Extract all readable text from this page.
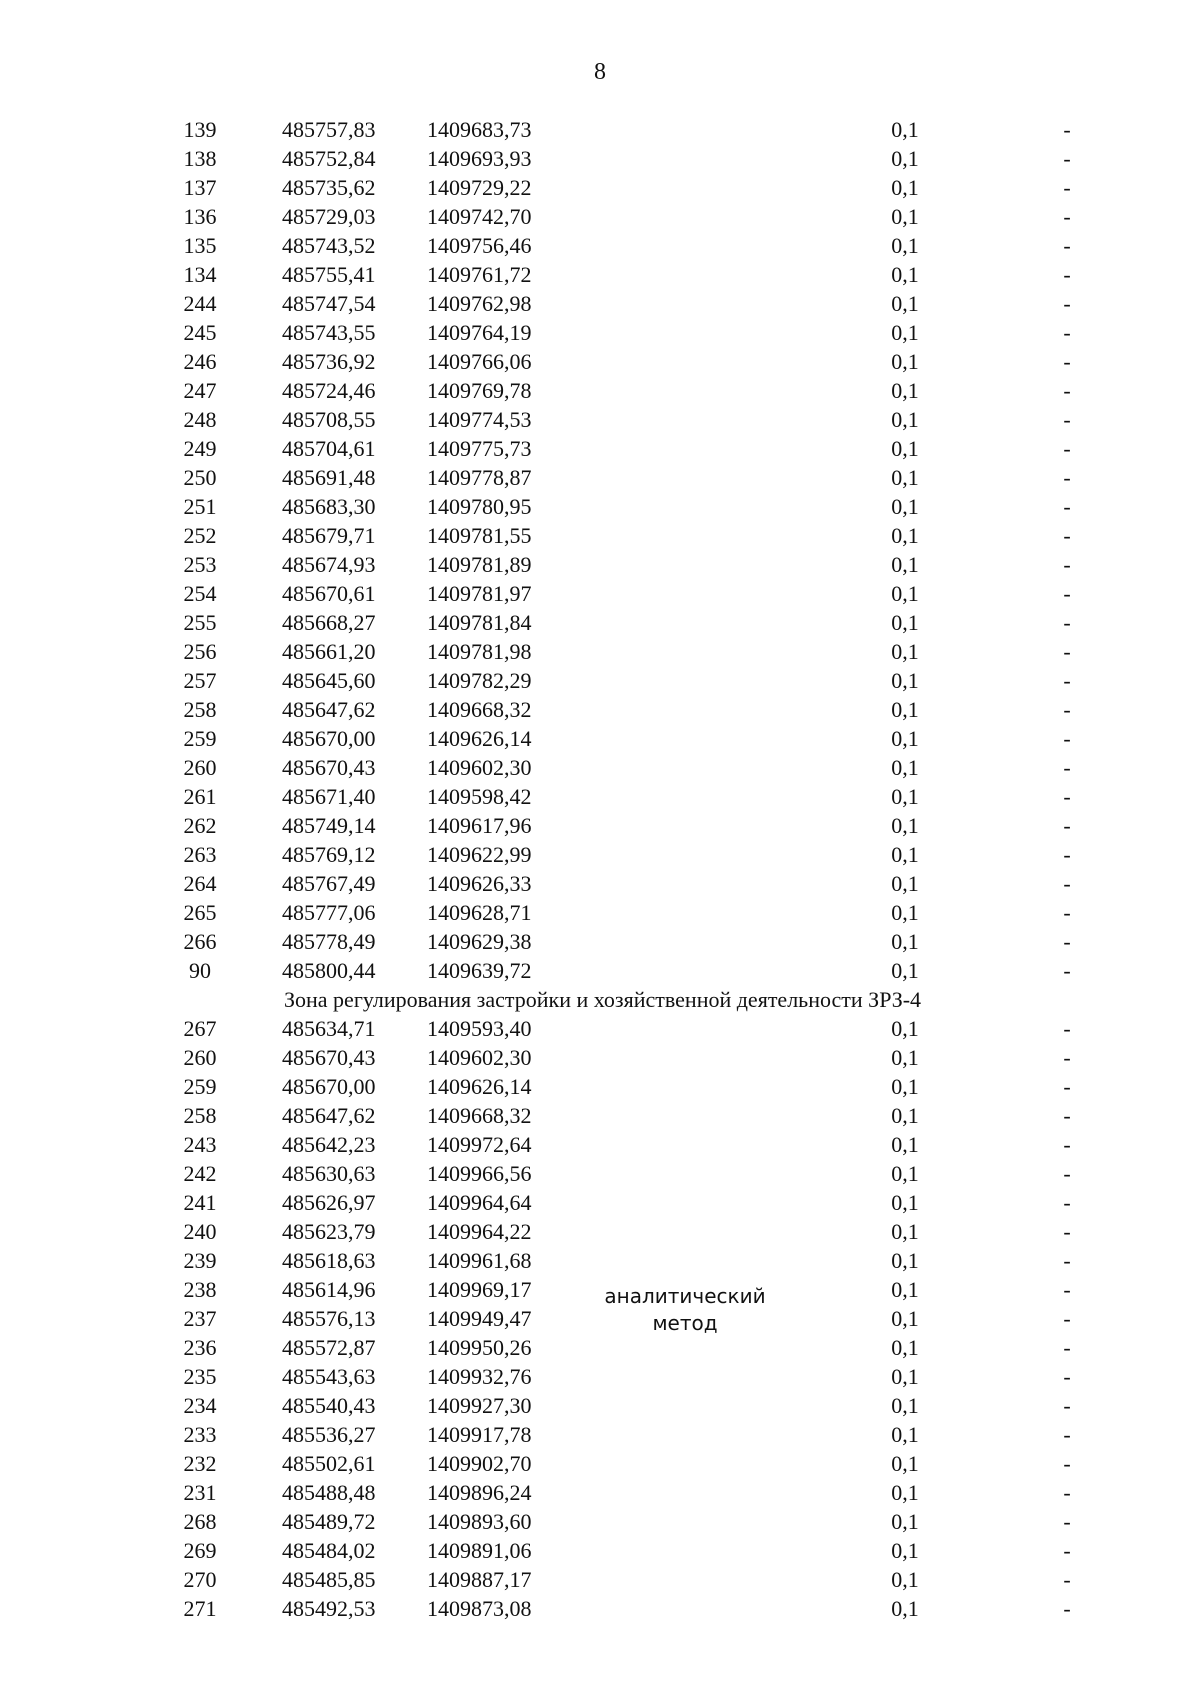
8
139	485757,83 1409683,73	0,1	-
138	485752,84 1409693,93	0,1	-
137	485735,62 1409729,22	0,1	-
136	485729,03 1409742,70	0,1	-
135	485743,52 1409756,46	0,1	-
134	485755,41 1409761,72	0,1	-
244	485747,54 1409762,98	0,1	-
245	485743,55 1409764,19	0,1	-
246	485736,92 1409766,06	0,1	-
247	485724,46 1409769,78	0,1	-
248	485708,55 1409774,53	0,1	-
249	485704,61 1409775,73	0,1	-
250	485691,48 1409778,87	0,1	-
251	485683,30 1409780,95	0,1	-
252	485679,71 1409781,55	0,1	-
253	485674,93 1409781,89	0,1	-
254	485670,61 1409781,97	0,1	-
255	485668,27 1409781,84	0,1	-
256	485661,20 1409781,98	0,1	-
257	485645,60 1409782,29	0,1	-
258	485647,62 1409668,32	0,1	-
259	485670,00 1409626,14	0,1	-
260	485670,43 1409602,30	0,1	-
261	485671,40 1409598,42	0,1	-
262	485749,14 1409617,96	0,1	-
263	485769,12 1409622,99	0,1	-
264	485767,49 1409626,33	0,1	-
265	485777,06 1409628,71	0,1	-
266	485778,49 1409629,38	0,1	-
90	485800,44 1409639,72	0,1	-
Зона регулирования застройки и хозяйственной деятельности ЗРЗ-4
267	485634,71 1409593,40	0,1	-
260	485670,43 1409602,30	0,1	-
259	485670,00 1409626,14	0,1	-
258	485647,62 1409668,32	0,1	-
243	485642,23 1409972,64	0,1	-
242	485630,63 1409966,56	0,1	-
241	485626,97 1409964,64	0,1	-
240	485623,79 1409964,22	0,1	-
239	485618,63 1409961,68	0,1	-
238	485614,96 1409969,17	0,1	-
237	485576,13 1409949,47	0,1	-
236	485572,87 1409950,26	0,1	-
235	485543,63 1409932,76	0,1	-
234	485540,43 1409927,30	0,1	-
233	485536,27 1409917,78	0,1	-
232	485502,61 1409902,70	0,1	-
231	485488,48 1409896,24	0,1	-
268	485489,72 1409893,60	0,1	-
269	485484,02 1409891,06	0,1	-
270	485485,85 1409887,17	0,1	-
271	485492,53 1409873,08	0,1	-
аналитический
метод
